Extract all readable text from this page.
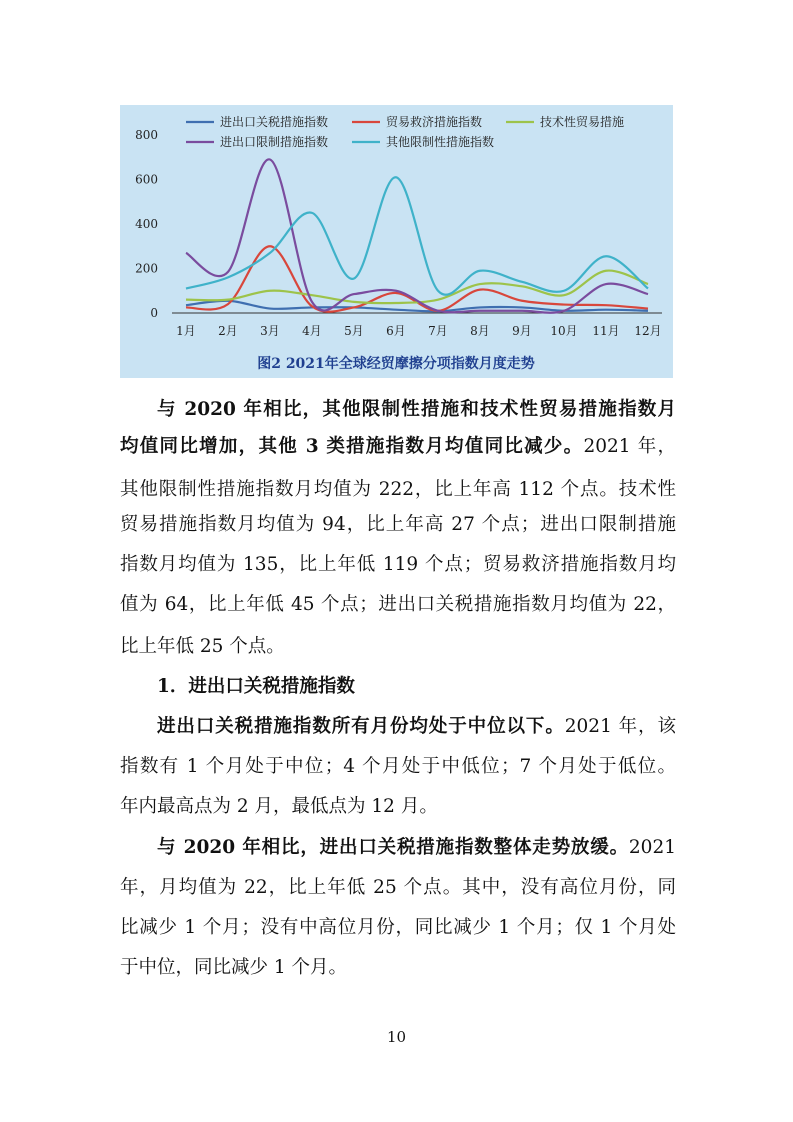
0
200
400
600
800
1月 2月 3月 4月 5月 6月 7月 8月 9月 10月 11月 12月
进出口关税措施指数	贸易救济措施指数	技术性贸易措施
进出口限制措施指数	其他限制性措施指数
图2 2021年全球经贸摩擦分项指数月度走势

与 2020 年相比，其他限制性措施和技术性贸易措施指数月

均值同比增加，其他 3 类措施指数月均值同比减少。2021 年，

其他限制性措施指数月均值为 222，比上年高 112 个点。技术性

贸易措施指数月均值为 94，比上年高 27 个点；进出口限制措施

指数月均值为 135，比上年低 119 个点；贸易救济措施指数月均

值为 64，比上年低 45 个点；进出口关税措施指数月均值为 22，

比上年低 25 个点。

1．进出口关税措施指数

进出口关税措施指数所有月份均处于中位以下。2021 年，该

指数有 1 个月处于中位；4 个月处于中低位；7 个月处于低位。

年内最高点为 2 月，最低点为 12 月。

与 2020 年相比，进出口关税措施指数整体走势放缓。2021

年，月均值为 22，比上年低 25 个点。其中，没有高位月份，同

比减少 1 个月；没有中高位月份，同比减少 1 个月；仅 1 个月处

于中位，同比减少 1 个月。

10
